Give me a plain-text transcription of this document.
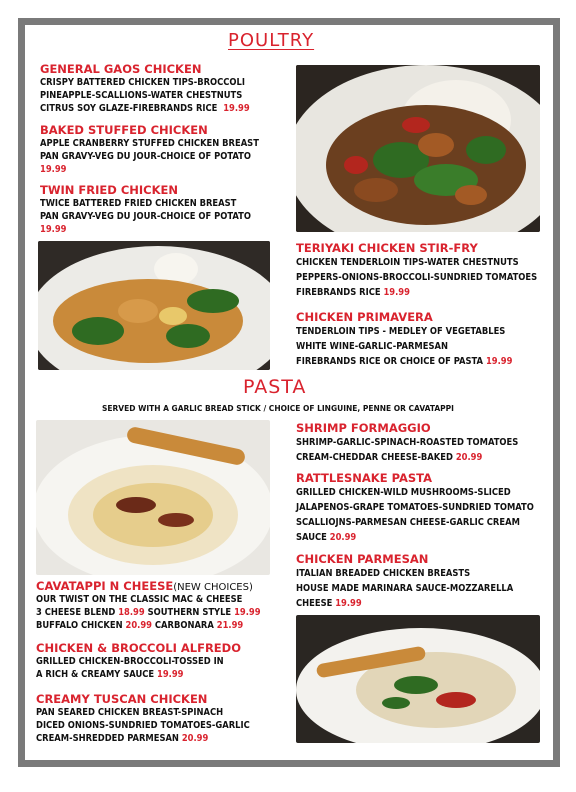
POULTRY
GENERAL GAOS CHICKEN
CRISPY BATTERED CHICKEN TIPS-BROCCOLI
PINEAPPLE-SCALLIONS-WATER CHESTNUTS
CITRUS SOY GLAZE-FIREBRANDS RICE 19.99
BAKED STUFFED CHICKEN
APPLE CRANBERRY STUFFED CHICKEN BREAST
PAN GRAVY-VEG DU JOUR-CHOICE OF POTATO
19.99
TWIN FRIED CHICKEN
TWICE BATTERED FRIED CHICKEN BREAST
PAN GRAVY-VEG DU JOUR-CHOICE OF POTATO
19.99
TERIYAKI CHICKEN STIR-FRY
CHICKEN TENDERLOIN TIPS-WATER CHESTNUTS
PEPPERS-ONIONS-BROCCOLI-SUNDRIED TOMATOES
FIREBRANDS RICE 19.99
CHICKEN PRIMAVERA
TENDERLOIN TIPS - MEDLEY OF VEGETABLES
WHITE WINE-GARLIC-PARMESAN
FIREBRANDS RICE OR CHOICE OF PASTA 19.99
PASTA
SERVED WITH A GARLIC BREAD STICK / CHOICE OF LINGUINE, PENNE OR CAVATAPPI
SHRIMP FORMAGGIO
SHRIMP-GARLIC-SPINACH-ROASTED TOMATOES
CREAM-CHEDDAR CHEESE-BAKED 20.99
RATTLESNAKE PASTA
GRILLED CHICKEN-WILD MUSHROOMS-SLICED
JALAPENOS-GRAPE TOMATOES-SUNDRIED TOMATO
SCALLIOJNS-PARMESAN CHEESE-GARLIC CREAM
SAUCE 20.99
CHICKEN PARMESAN
ITALIAN BREADED CHICKEN BREASTS
HOUSE MADE MARINARA SAUCE-MOZZARELLA
CHEESE 19.99
CAVATAPPI N CHEESE(NEW CHOICES)
OUR TWIST ON THE CLASSIC MAC & CHEESE
3 CHEESE BLEND 18.99 SOUTHERN STYLE 19.99
BUFFALO CHICKEN 20.99 CARBONARA 21.99
CHICKEN & BROCCOLI ALFREDO
GRILLED CHICKEN-BROCCOLI-TOSSED IN
A RICH & CREAMY SAUCE 19.99
CREAMY TUSCAN CHICKEN
PAN SEARED CHICKEN BREAST-SPINACH
DICED ONIONS-SUNDRIED TOMATOES-GARLIC
CREAM-SHREDDED PARMESAN 20.99
